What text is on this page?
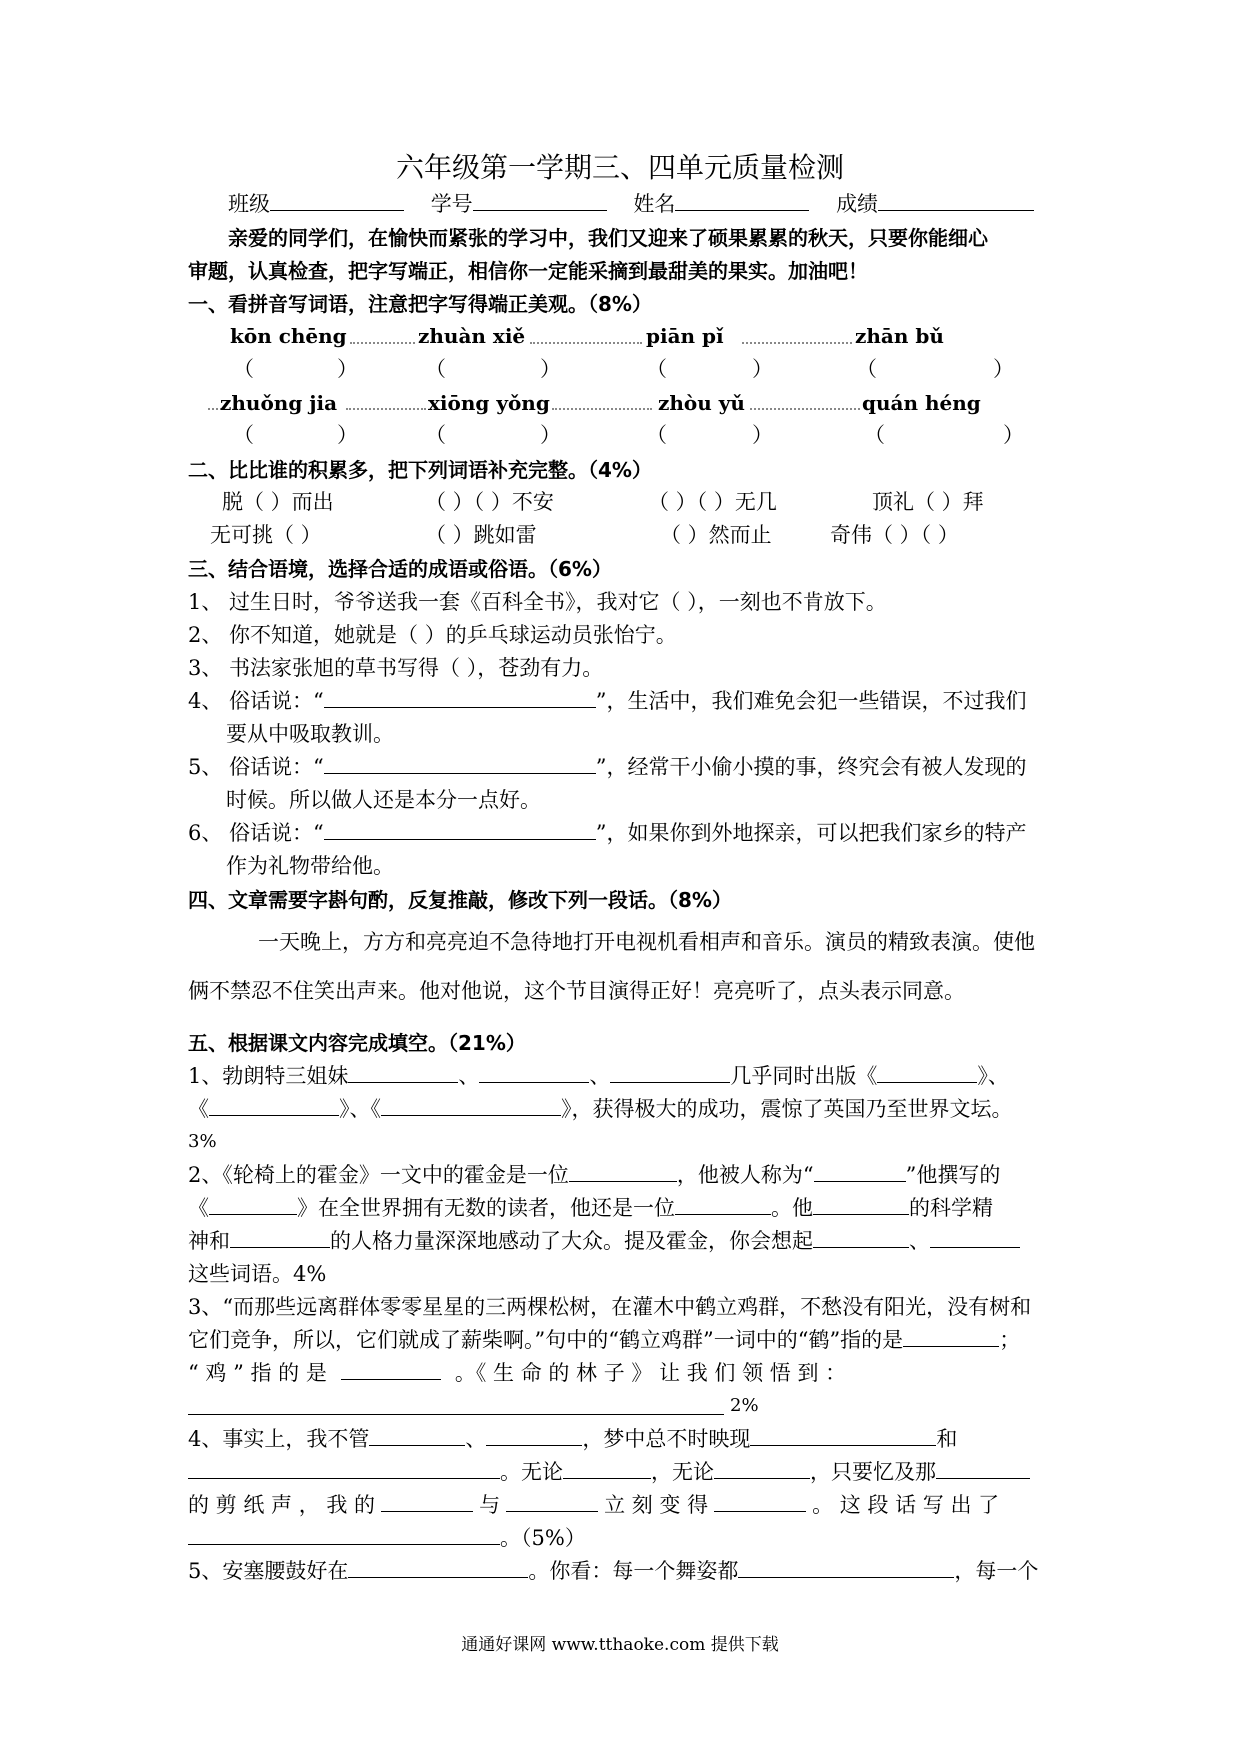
六年级第一学期三、四单元质量检测
班级	学号	姓名	成绩
亲爱的同学们，在愉快而紧张的学习中，我们又迎来了硕果累累的秋天，只要你能细心
审题，认真检查，把字写端正，相信你一定能采摘到最甜美的果实。加油吧！
一、看拼音写词语，注意把字写得端正美观。（8%）
kōn chēng	zhuàn xiě	piān pǐ	zhān bǔ
（	）	（	）	（	）	（	）
zhuǒng jia	xiōng yǒng	zhòu yǔ	quán héng
（	）	（	）	（	）	（	）
二、比比谁的积累多，把下列词语补充完整。（4%）
脱（ ）而出	（ ）（ ）不安	（ ）（ ）无几	顶礼（ ）拜
无可挑（ ）	（ ）跳如雷	（ ）然而止	奇伟（ ）（ ）
三、结合语境，选择合适的成语或俗语。（6%）
1、 过生日时，爷爷送我一套《百科全书》，我对它（ ），一刻也不肯放下。
2、 你不知道，她就是（ ）的乒乓球运动员张怡宁。
3、 书法家张旭的草书写得（ ），苍劲有力。
4、 俗话说：“	”，生活中，我们难免会犯一些错误，不过我们
要从中吸取教训。
5、 俗话说：“	”，经常干小偷小摸的事，终究会有被人发现的
时候。所以做人还是本分一点好。
6、 俗话说：“	”，如果你到外地探亲，可以把我们家乡的特产
作为礼物带给他。
四、文章需要字斟句酌，反复推敲，修改下列一段话。（8%）
一天晚上，方方和亮亮迫不急待地打开电视机看相声和音乐。演员的精致表演。使他
俩不禁忍不住笑出声来。他对他说，这个节目演得正好！亮亮听了，点头表示同意。
五、根据课文内容完成填空。（21%）
1、勃朗特三姐妹	、	、	几乎同时出版《	》、
《	》、《	》，获得极大的成功，震惊了英国乃至世界文坛。
3%
2、《轮椅上的霍金》一文中的霍金是一位	，他被人称为“	”他撰写的
《	》在全世界拥有无数的读者，他还是一位	。他	的科学精
神和	的人格力量深深地感动了大众。提及霍金，你会想起	、
这些词语。4%
3、“而那些远离群体零零星星的三两棵松树，在灌木中鹤立鸡群，不愁没有阳光，没有树和
它们竞争，所以，它们就成了薪柴啊。”句中的“鹤立鸡群”一词中的“鹤”指的是	；
“ 鸡 ” 指 的 是	。《 生 命 的 林 子 》 让 我 们 领 悟 到 ：
2%
4、事实上，我不管	、	，梦中总不时映现	和
。无论	，无论	，只要忆及那
的 剪 纸 声 ， 我 的	与	立 刻 变 得	。 这 段 话 写 出 了
。（5%）
5、安塞腰鼓好在	。你看：每一个舞姿都	，每一个
通通好课网 www.tthaoke.com 提供下载
